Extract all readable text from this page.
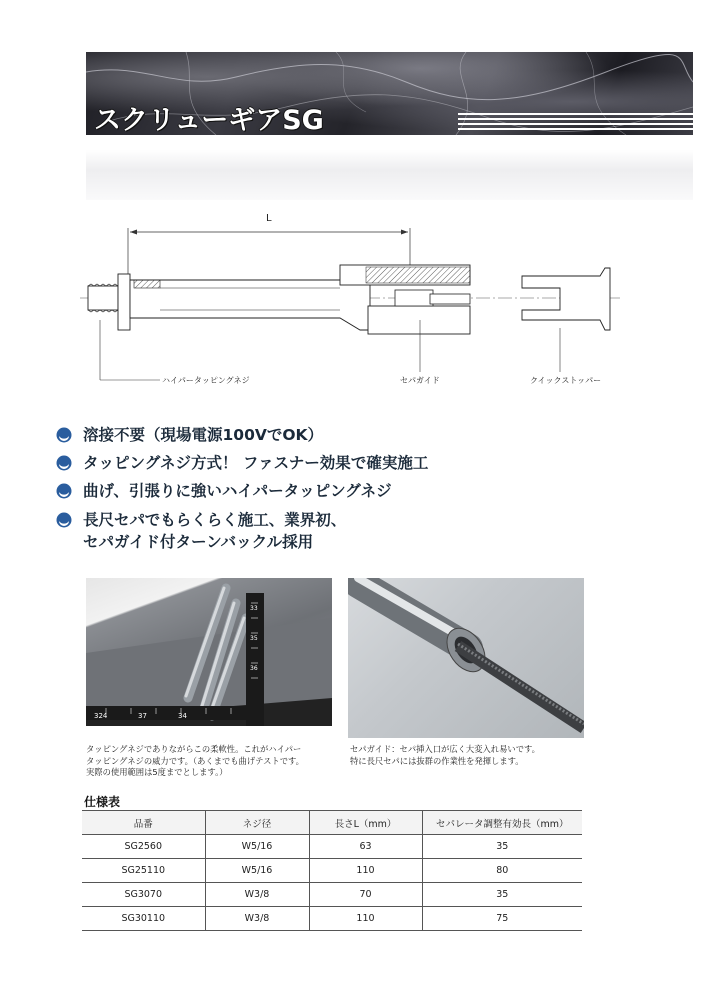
スクリューギアSG
L
ハイパータッピングネジ	セパガイド	クイックストッパー
溶接不要（現場電源100VでOK）
タッピングネジ方式！ ファスナー効果で確実施工
曲げ、引張りに強いハイパータッピングネジ
長尺セパでもらくらく施工、業界初、
セパガイド付ターンバックル採用
324	37	34
33
35
36
タッピングネジでありながらこの柔軟性。これがハイパー
タッピングネジの威力です。（あくまでも曲げテストです。
実際の使用範囲は5度までとします。）
セパガイド：セパ挿入口が広く大変入れ易いです。
特に長尺セパには抜群の作業性を発揮します。
仕様表
品番	ネジ径	長さL（mm）	セパレータ調整有効長（mm）
SG2560	W5/16	63	35
SG25110	W5/16	110	80
SG3070	W3/8	70	35
SG30110	W3/8	110	75
